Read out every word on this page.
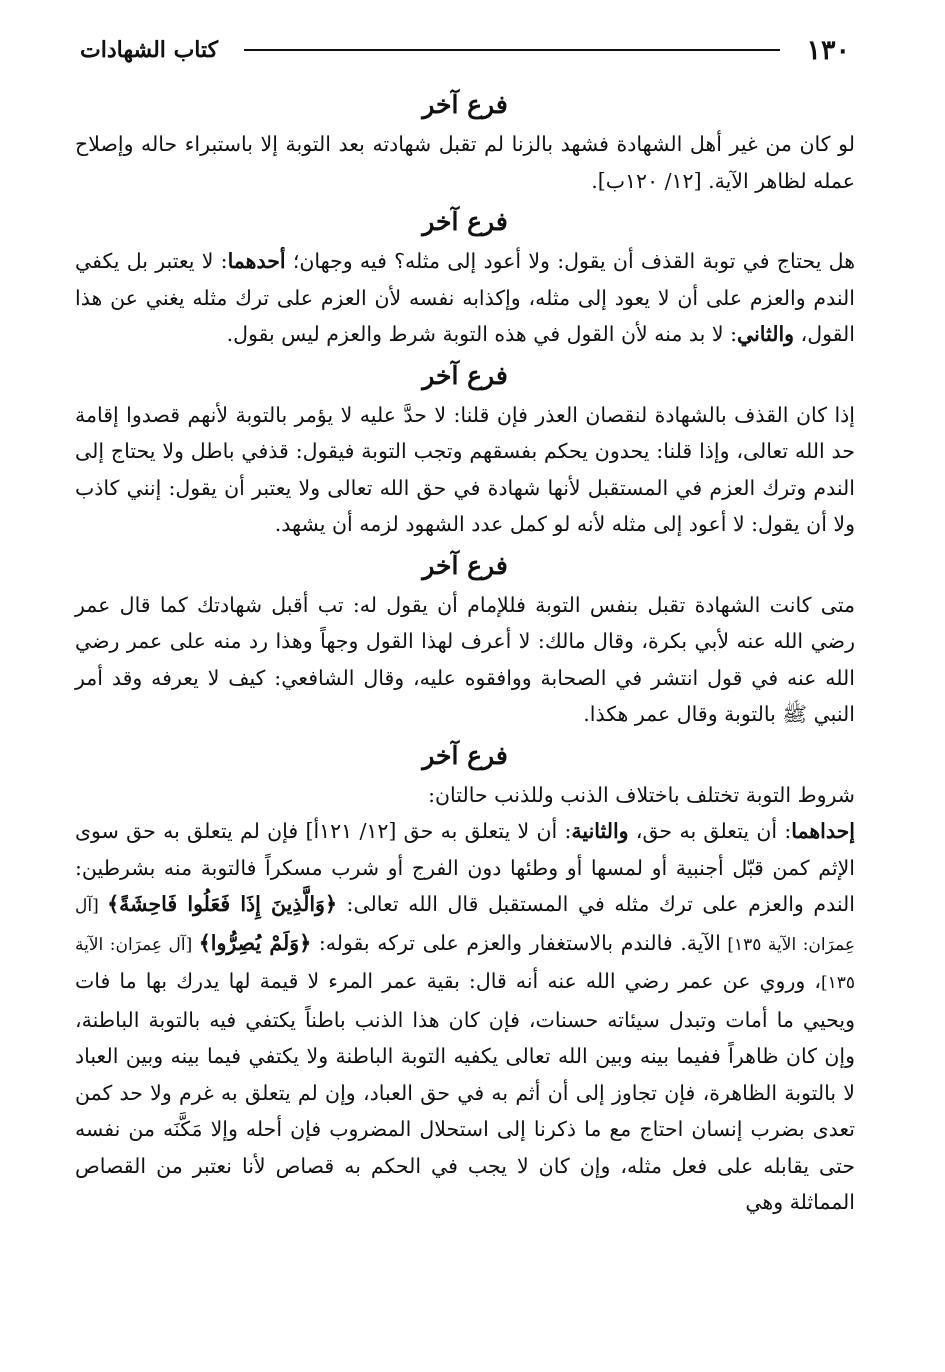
١٣٠
كتاب الشهادات
فرع آخر

لو كان من غير أهل الشهادة فشهد بالزنا لم تقبل شهادته بعد التوبة إلا باستبراء حاله وإصلاح عمله لظاهر الآية. [١٢/ ١٢٠ب].

فرع آخر

هل يحتاج في توبة القذف أن يقول: ولا أعود إلى مثله؟ فيه وجهان؛ أحدهما: لا يعتبر بل يكفي الندم والعزم على أن لا يعود إلى مثله، وإكذابه نفسه لأن العزم على ترك مثله يغني عن هذا القول، والثاني: لا بد منه لأن القول في هذه التوبة شرط والعزم ليس بقول.

فرع آخر

إذا كان القذف بالشهادة لنقصان العذر فإن قلنا: لا حدَّ عليه لا يؤمر بالتوبة لأنهم قصدوا إقامة حد الله تعالى، وإذا قلنا: يحدون يحكم بفسقهم وتجب التوبة فيقول: قذفي باطل ولا يحتاج إلى الندم وترك العزم في المستقبل لأنها شهادة في حق الله تعالى ولا يعتبر أن يقول: إنني كاذب ولا أن يقول: لا أعود إلى مثله لأنه لو كمل عدد الشهود لزمه أن يشهد.

فرع آخر

متى كانت الشهادة تقبل بنفس التوبة فللإمام أن يقول له: تب أقبل شهادتك كما قال عمر رضي الله عنه لأبي بكرة، وقال مالك: لا أعرف لهذا القول وجهاً وهذا رد منه على عمر رضي الله عنه في قول انتشر في الصحابة ووافقوه عليه، وقال الشافعي: كيف لا يعرفه وقد أمر النبي ﷺ بالتوبة وقال عمر هكذا.

فرع آخر

شروط التوبة تختلف باختلاف الذنب وللذنب حالتان:

إحداهما: أن يتعلق به حق، والثانية: أن لا يتعلق به حق [١٢/ ١٢١أ] فإن لم يتعلق به حق سوى الإثم كمن قبّل أجنبية أو لمسها أو وطئها دون الفرج أو شرب مسكراً فالتوبة منه بشرطين: الندم والعزم على ترك مثله في المستقبل قال الله تعالى: ﴿وَالَّذِينَ إِذَا فَعَلُوا فَاحِشَةً﴾ [آل عِمرَان: الآية ١٣٥] الآية. فالندم بالاستغفار والعزم على تركه بقوله: ﴿وَلَمْ يُصِرُّوا﴾ [آل عِمرَان: الآية ١٣٥]، وروي عن عمر رضي الله عنه أنه قال: بقية عمر المرء لا قيمة لها يدرك بها ما فات ويحيي ما أمات وتبدل سيئاته حسنات، فإن كان هذا الذنب باطناً يكتفي فيه بالتوبة الباطنة، وإن كان ظاهراً ففيما بينه وبين الله تعالى يكفيه التوبة الباطنة ولا يكتفي فيما بينه وبين العباد لا بالتوبة الظاهرة، فإن تجاوز إلى أن أثم به في حق العباد، وإن لم يتعلق به غرم ولا حد كمن تعدى بضرب إنسان احتاج مع ما ذكرنا إلى استحلال المضروب فإن أحله وإلا مَكَّنَه من نفسه حتى يقابله على فعل مثله، وإن كان لا يجب في الحكم به قصاص لأنا نعتبر من القصاص المماثلة وهي
